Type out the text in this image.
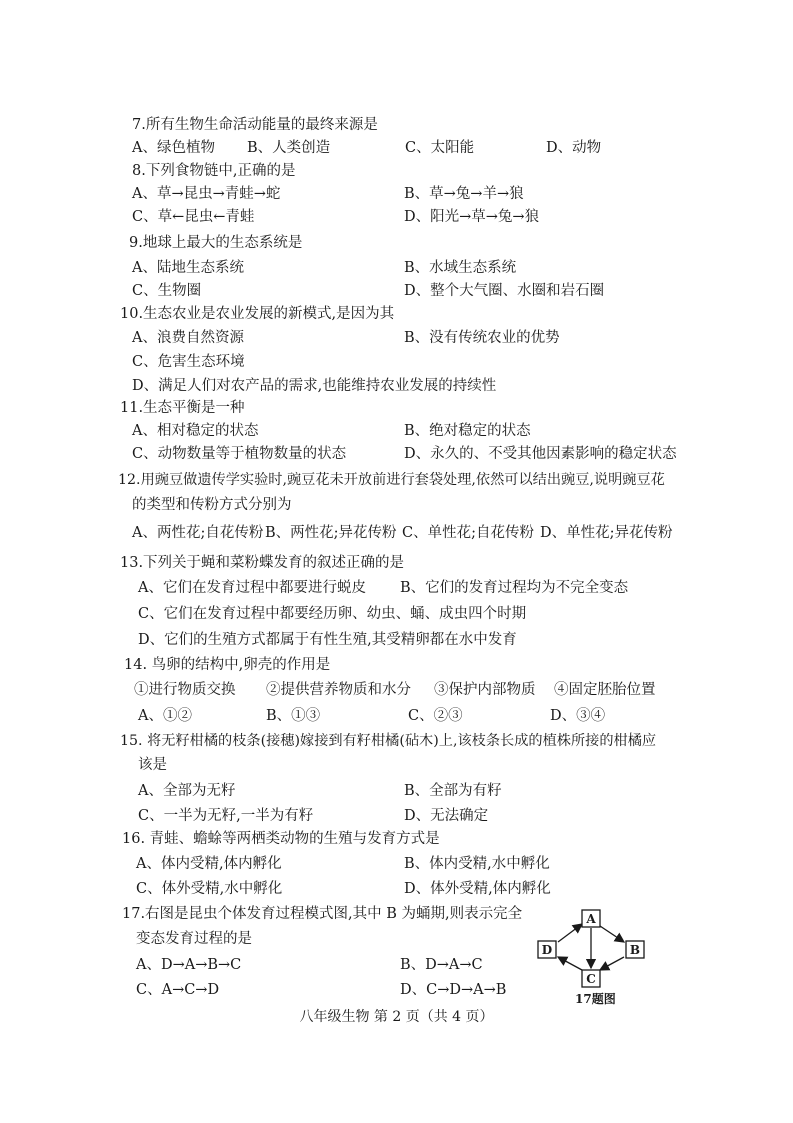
7.所有生物生命活动能量的最终来源是
A、绿色植物 B、人类创造	C、太阳能	D、动物
8.下列食物链中,正确的是
A、草→昆虫→青蛙→蛇	B、草→兔→羊→狼
C、草←昆虫←青蛙	D、阳光→草→兔→狼
9.地球上最大的生态系统是
A、陆地生态系统	B、水域生态系统
C、生物圈	D、整个大气圈、水圈和岩石圈
10.生态农业是农业发展的新模式,是因为其
A、浪费自然资源	B、没有传统农业的优势
C、危害生态环境
D、满足人们对农产品的需求,也能维持农业发展的持续性
11.生态平衡是一种
A、相对稳定的状态	B、绝对稳定的状态
C、动物数量等于植物数量的状态	D、永久的、不受其他因素影响的稳定状态
12.用豌豆做遗传学实验时,豌豆花未开放前进行套袋处理,依然可以结出豌豆,说明豌豆花
的类型和传粉方式分别为
A、两性花;自花传粉 B、两性花;异花传粉 C、单性花;自花传粉 D、单性花;异花传粉
13.下列关于蝇和菜粉蝶发育的叙述正确的是
A、它们在发育过程中都要进行蜕皮 B、它们的发育过程均为不完全变态
C、它们在发育过程中都要经历卵、幼虫、蛹、成虫四个时期
D、它们的生殖方式都属于有性生殖,其受精卵都在水中发育
14. 鸟卵的结构中,卵壳的作用是
①进行物质交换 ②提供营养物质和水分 ③保护内部物质 ④固定胚胎位置
A、①②	B、①③	C、②③	D、③④
15. 将无籽柑橘的枝条(接穗)嫁接到有籽柑橘(砧木)上,该枝条长成的植株所接的柑橘应
该是
A、全部为无籽	B、全部为有籽
C、一半为无籽,一半为有籽	D、无法确定
16. 青蛙、蟾蜍等两栖类动物的生殖与发育方式是
A、体内受精,体内孵化	B、体内受精,水中孵化
C、体外受精,水中孵化	D、体外受精,体内孵化
17.右图是昆虫个体发育过程模式图,其中 B 为蛹期,则表示完全
变态发育过程的是
A、D→A→B→C	B、D→A→C
C、A→C→D	D、C→D→A→B
A
B
C
D
17题图
八年级生物 第 2 页（共 4 页）
